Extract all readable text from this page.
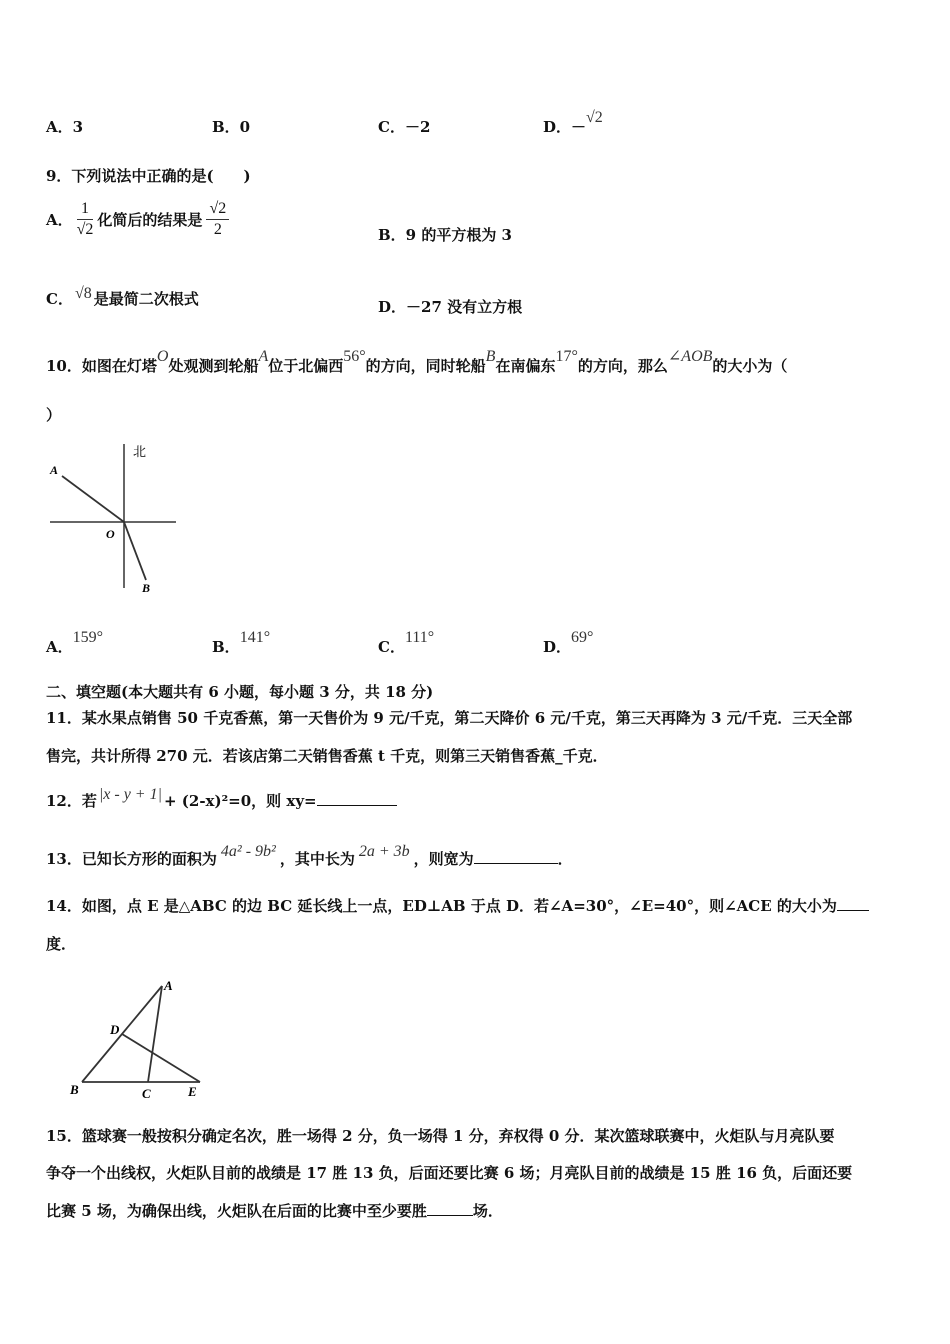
A．3	B．0	C．－2	D．－√2
9．下列说法中正确的是(　　)
A． $\frac{1}{√2}$ 化简后的结果是 $\frac{√2}{2}$	B．9 的平方根为 3
C． √8 是最简二次根式	D．－27 没有立方根
10．如图在灯塔O处观测到轮船A位于北偏西56°的方向，同时轮船B在南偏东17°的方向，那么∠AOB的大小为（
）
北
A
O
B
A．159°
B．141°
C．111°
D．69°
二、填空题(本大题共有 6 小题，每小题 3 分，共 18 分)
11．某水果点销售 50 千克香蕉，第一天售价为 9 元/千克，第二天降价 6 元/千克，第三天再降为 3 元/千克．三天全部
售完，共计所得 270 元．若该店第二天销售香蕉 t 千克，则第三天销售香蕉_千克．
12．若 |x - y + 1| + (2-x)²=0，则 xy=
13．已知长方形的面积为 4a² - 9b² ，其中长为 2a + 3b ，则宽为	．
14．如图，点 E 是△ABC 的边 BC 延长线上一点，ED⊥AB 于点 D．若∠A=30°，∠E=40°，则∠ACE 的大小为
度．
A
D
B	C	E
15．篮球赛一般按积分确定名次，胜一场得 2 分，负一场得 1 分，弃权得 0 分．某次篮球联赛中，火炬队与月亮队要
争夺一个出线权，火炬队目前的战绩是 17 胜 13 负，后面还要比赛 6 场；月亮队目前的战绩是 15 胜 16 负，后面还要
比赛 5 场，为确保出线，火炬队在后面的比赛中至少要胜	场．
